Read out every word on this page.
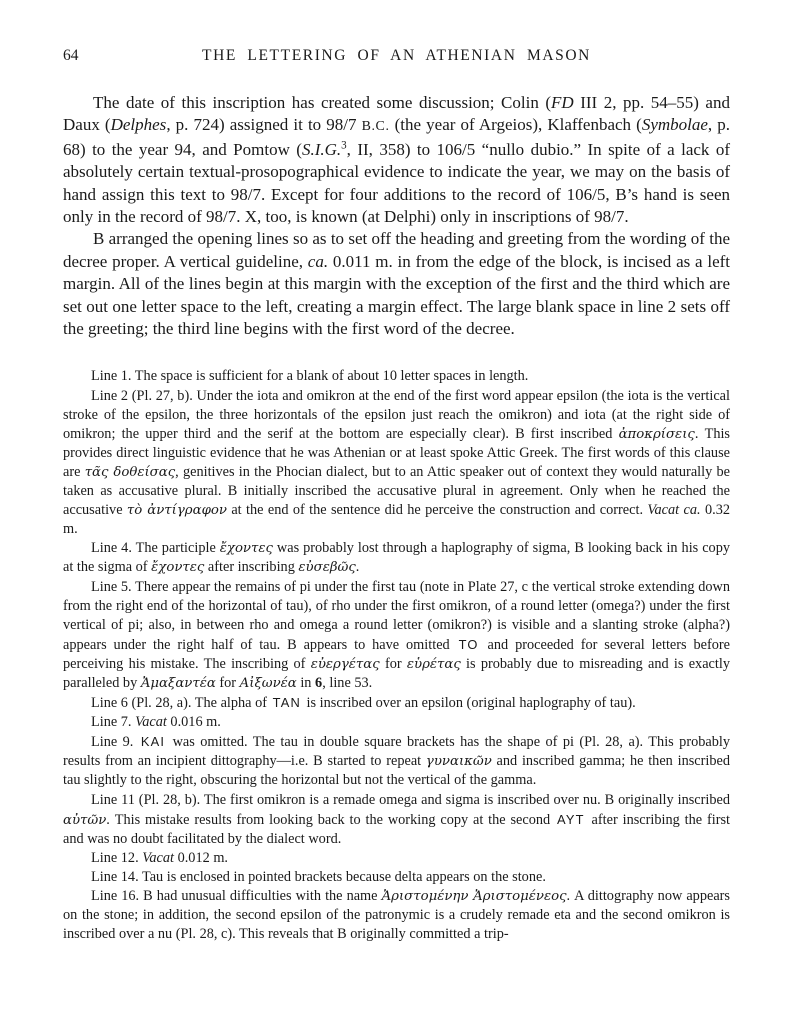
64	THE LETTERING OF AN ATHENIAN MASON

The date of this inscription has created some discussion; Colin (FD III 2, pp. 54–55) and Daux (Delphes, p. 724) assigned it to 98/7 B.C. (the year of Argeios), Klaffenbach (Symbolae, p. 68) to the year 94, and Pomtow (S.I.G.$^3$, II, 358) to 106/5 “nullo dubio.” In spite of a lack of absolutely certain textual-prosopographical evidence to indicate the year, we may on the basis of hand assign this text to 98/7. Except for four additions to the record of 106/5, B’s hand is seen only in the record of 98/7. X, too, is known (at Delphi) only in inscriptions of 98/7.

B arranged the opening lines so as to set off the heading and greeting from the wording of the decree proper. A vertical guideline, ca. 0.011 m. in from the edge of the block, is incised as a left margin. All of the lines begin at this margin with the exception of the first and the third which are set out one letter space to the left, creating a margin effect. The large blank space in line 2 sets off the greeting; the third line begins with the first word of the decree.

Line 1. The space is sufficient for a blank of about 10 letter spaces in length.

Line 2 (Pl. 27, b). Under the iota and omikron at the end of the first word appear epsilon (the iota is the vertical stroke of the epsilon, the three horizontals of the epsilon just reach the omikron) and iota (at the right side of omikron; the upper third and the serif at the bottom are especially clear). B first inscribed ἀποκρίσεις. This provides direct linguistic evidence that he was Athenian or at least spoke Attic Greek. The first words of this clause are τᾶς δοθείσας, genitives in the Phocian dialect, but to an Attic speaker out of context they would naturally be taken as accusative plural. B initially inscribed the accusative plural in agreement. Only when he reached the accusative τὸ ἀντίγραφον at the end of the sentence did he perceive the construction and correct. Vacat ca. 0.32 m.

Line 4. The participle ἔχοντες was probably lost through a haplography of sigma, B looking back in his copy at the sigma of ἔχοντες after inscribing εὐσεβῶς.

Line 5. There appear the remains of pi under the first tau (note in Plate 27, c the vertical stroke extending down from the right end of the horizontal of tau), of rho under the first omikron, of a round letter (omega?) under the first vertical of pi; also, in between rho and omega a round letter (omikron?) is visible and a slanting stroke (alpha?) appears under the right half of tau. B appears to have omitted TO and proceeded for several letters before perceiving his mistake. The inscribing of εὐεργέτας for εὑρέτας is probably due to misreading and is exactly paralleled by Ἀμαξαντέα for Αἰξωνέα in 6, line 53.

Line 6 (Pl. 28, a). The alpha of TAN is inscribed over an epsilon (original haplography of tau).

Line 7. Vacat 0.016 m.

Line 9. KAI was omitted. The tau in double square brackets has the shape of pi (Pl. 28, a). This probably results from an incipient dittography—i.e. B started to repeat γυναικῶν and inscribed gamma; he then inscribed tau slightly to the right, obscuring the horizontal but not the vertical of the gamma.

Line 11 (Pl. 28, b). The first omikron is a remade omega and sigma is inscribed over nu. B originally inscribed αὐτῶν. This mistake results from looking back to the working copy at the second AYT after inscribing the first and was no doubt facilitated by the dialect word.

Line 12. Vacat 0.012 m.

Line 14. Tau is enclosed in pointed brackets because delta appears on the stone.

Line 16. B had unusual difficulties with the name Ἀριστομένην Ἀριστομένεος. A dittography now appears on the stone; in addition, the second epsilon of the patronymic is a crudely remade eta and the second omikron is inscribed over a nu (Pl. 28, c). This reveals that B originally committed a trip-
